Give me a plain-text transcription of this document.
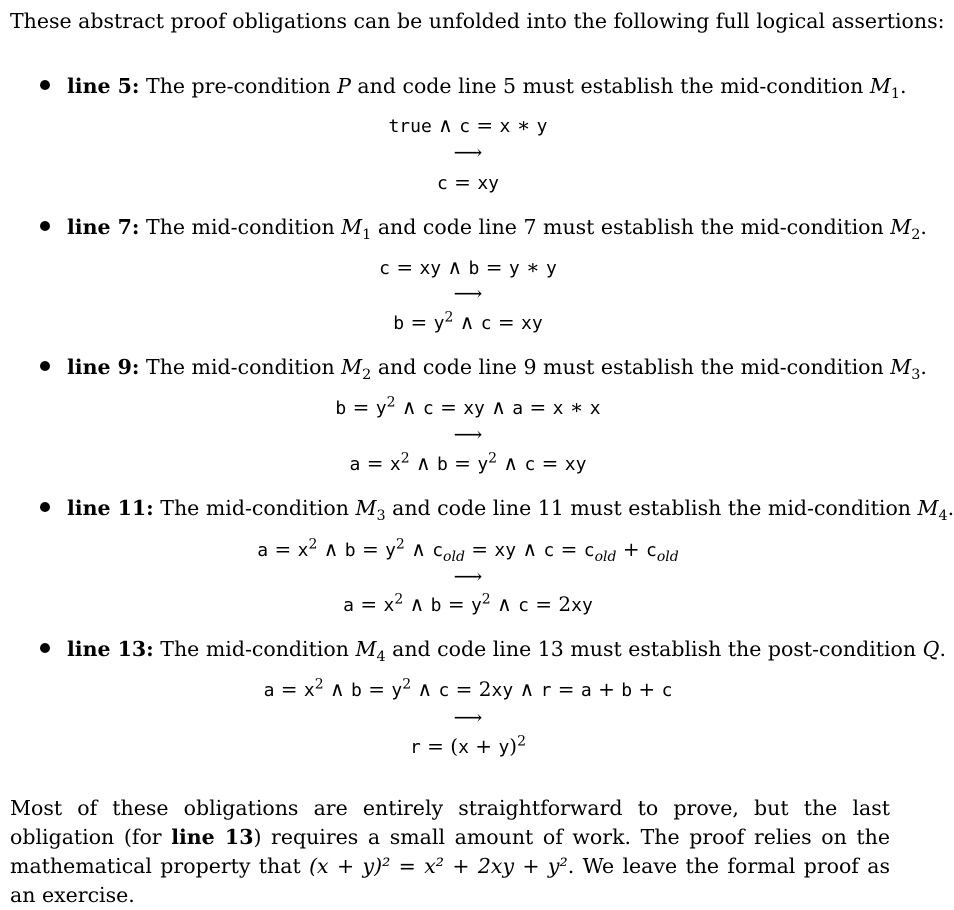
These abstract proof obligations can be unfolded into the following full logical assertions:
line 5: The pre-condition P and code line 5 must establish the mid-condition $M_1$.
true ∧ c = x ∗ y
⟶
c = xy
line 7: The mid-condition $M_1$ and code line 7 must establish the mid-condition $M_2$.
c = xy ∧ b = y ∗ y
⟶
$b = y^2$ ∧ c = xy
line 9: The mid-condition $M_2$ and code line 9 must establish the mid-condition $M_3$.
$b = y^2$ ∧ c = xy ∧ a = x ∗ x
⟶
$a = x^2$ ∧ $b = y^2$ ∧ c = xy
line 11: The mid-condition $M_3$ and code line 11 must establish the mid-condition $M_4$.
$a = x^2$ ∧ $b = y^2$ ∧ $c_{old}$ = xy ∧ $c = c_{old} + c_{old}$
⟶
$a = x^2$ ∧ $b = y^2$ ∧ c = 2xy
line 13: The mid-condition $M_4$ and code line 13 must establish the post-condition Q.
$a = x^2$ ∧ $b = y^2$ ∧ c = 2xy ∧ r = a + b + c
⟶
$r = (x + y)^2$
Most of these obligations are entirely straightforward to prove, but the last obligation (for line 13) requires a small amount of work. The proof relies on the mathematical property that (x + y)² = x² + 2xy + y². We leave the formal proof as an exercise.
